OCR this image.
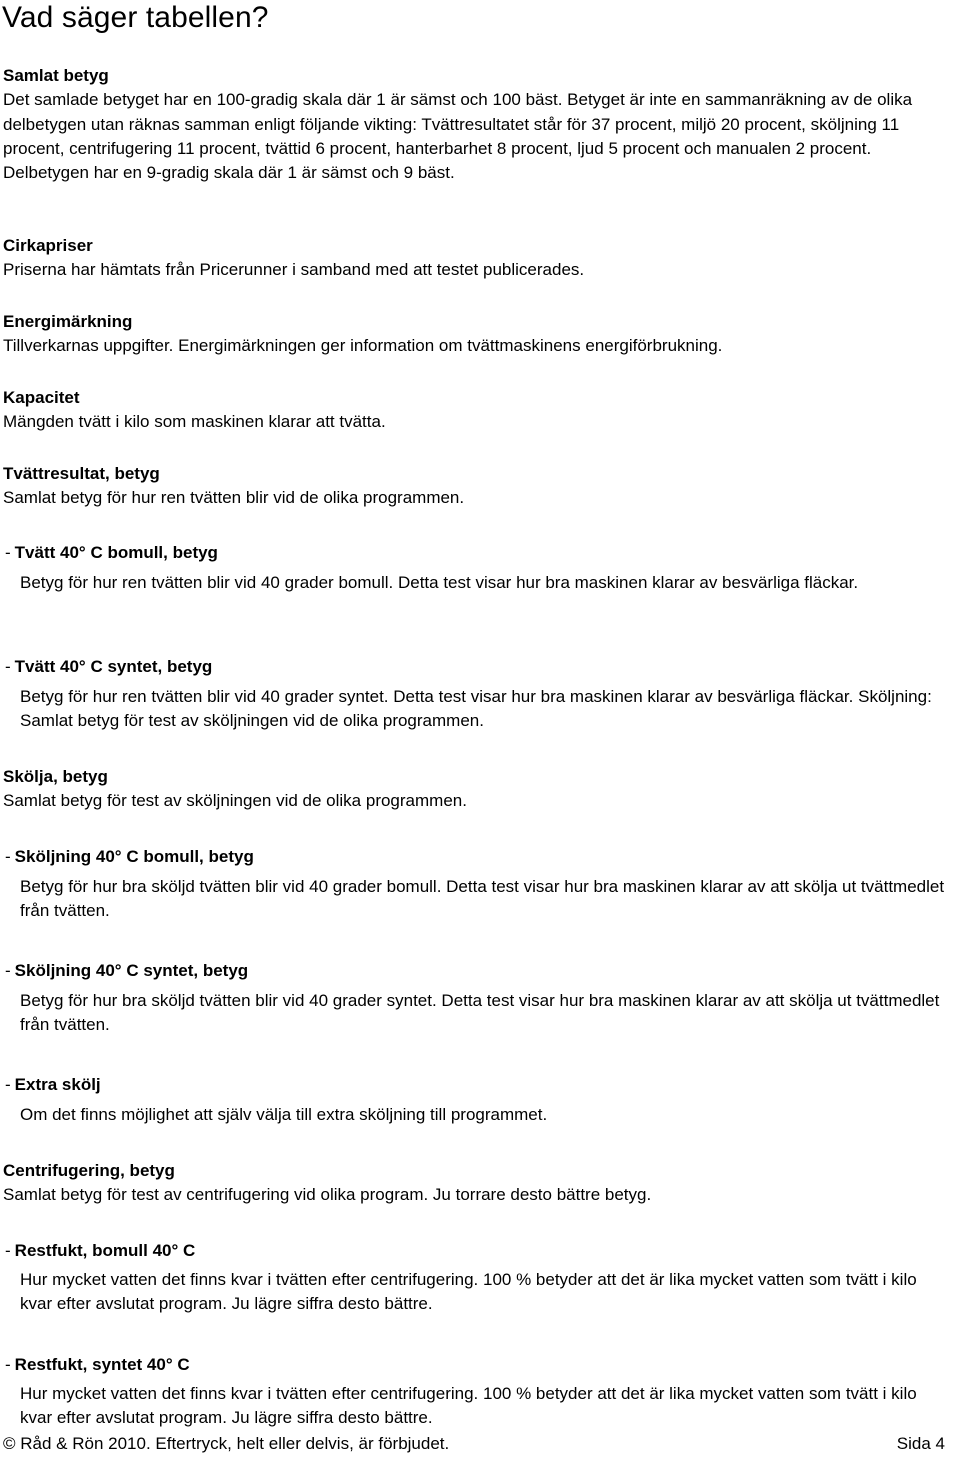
Vad säger tabellen?
Samlat betyg
Det samlade betyget har en 100-gradig skala där 1 är sämst och 100 bäst. Betyget är inte en sammanräkning av de olika delbetygen utan räknas samman enligt följande vikting: Tvättresultatet står för 37 procent, miljö 20 procent, sköljning 11 procent, centrifugering 11 procent, tvättid 6 procent, hanterbarhet 8 procent, ljud 5 procent och manualen 2 procent. Delbetygen har en 9-gradig skala där 1 är sämst och 9 bäst.
Cirkapriser
Priserna har hämtats från Pricerunner i samband med att testet publicerades.
Energimärkning
Tillverkarnas uppgifter. Energimärkningen ger information om tvättmaskinens energiförbrukning.
Kapacitet
Mängden tvätt i kilo som maskinen klarar att tvätta.
Tvättresultat, betyg
Samlat betyg för hur ren tvätten blir vid de olika programmen.
- Tvätt 40° C bomull, betyg
Betyg för hur ren tvätten blir vid 40 grader bomull. Detta test visar hur bra maskinen klarar av besvärliga fläckar.
- Tvätt 40° C syntet, betyg
Betyg för hur ren tvätten blir vid 40 grader syntet. Detta test visar hur bra maskinen klarar av besvärliga fläckar. Sköljning: Samlat betyg för test av sköljningen vid de olika programmen.
Skölja, betyg
Samlat betyg för test av sköljningen vid de olika programmen.
- Sköljning 40° C bomull, betyg
Betyg för hur bra sköljd tvätten blir vid 40 grader bomull. Detta test visar hur bra maskinen klarar av att skölja ut tvättmedlet från tvätten.
- Sköljning 40° C syntet, betyg
Betyg för hur bra sköljd tvätten blir vid 40 grader syntet. Detta test visar hur bra maskinen klarar av att skölja ut tvättmedlet från tvätten.
- Extra skölj
Om det finns möjlighet att själv välja till extra sköljning till programmet.
Centrifugering, betyg
Samlat betyg för test av centrifugering vid olika program. Ju torrare desto bättre betyg.
- Restfukt, bomull 40° C
Hur mycket vatten det finns kvar i tvätten efter centrifugering. 100 % betyder att det är lika mycket vatten som tvätt i kilo kvar efter avslutat program. Ju lägre siffra desto bättre.
- Restfukt, syntet 40° C
Hur mycket vatten det finns kvar i tvätten efter centrifugering. 100 % betyder att det är lika mycket vatten som tvätt i kilo kvar efter avslutat program. Ju lägre siffra desto bättre.
© Råd & Rön 2010. Eftertryck, helt eller delvis, är förbjudet.	Sida 4
